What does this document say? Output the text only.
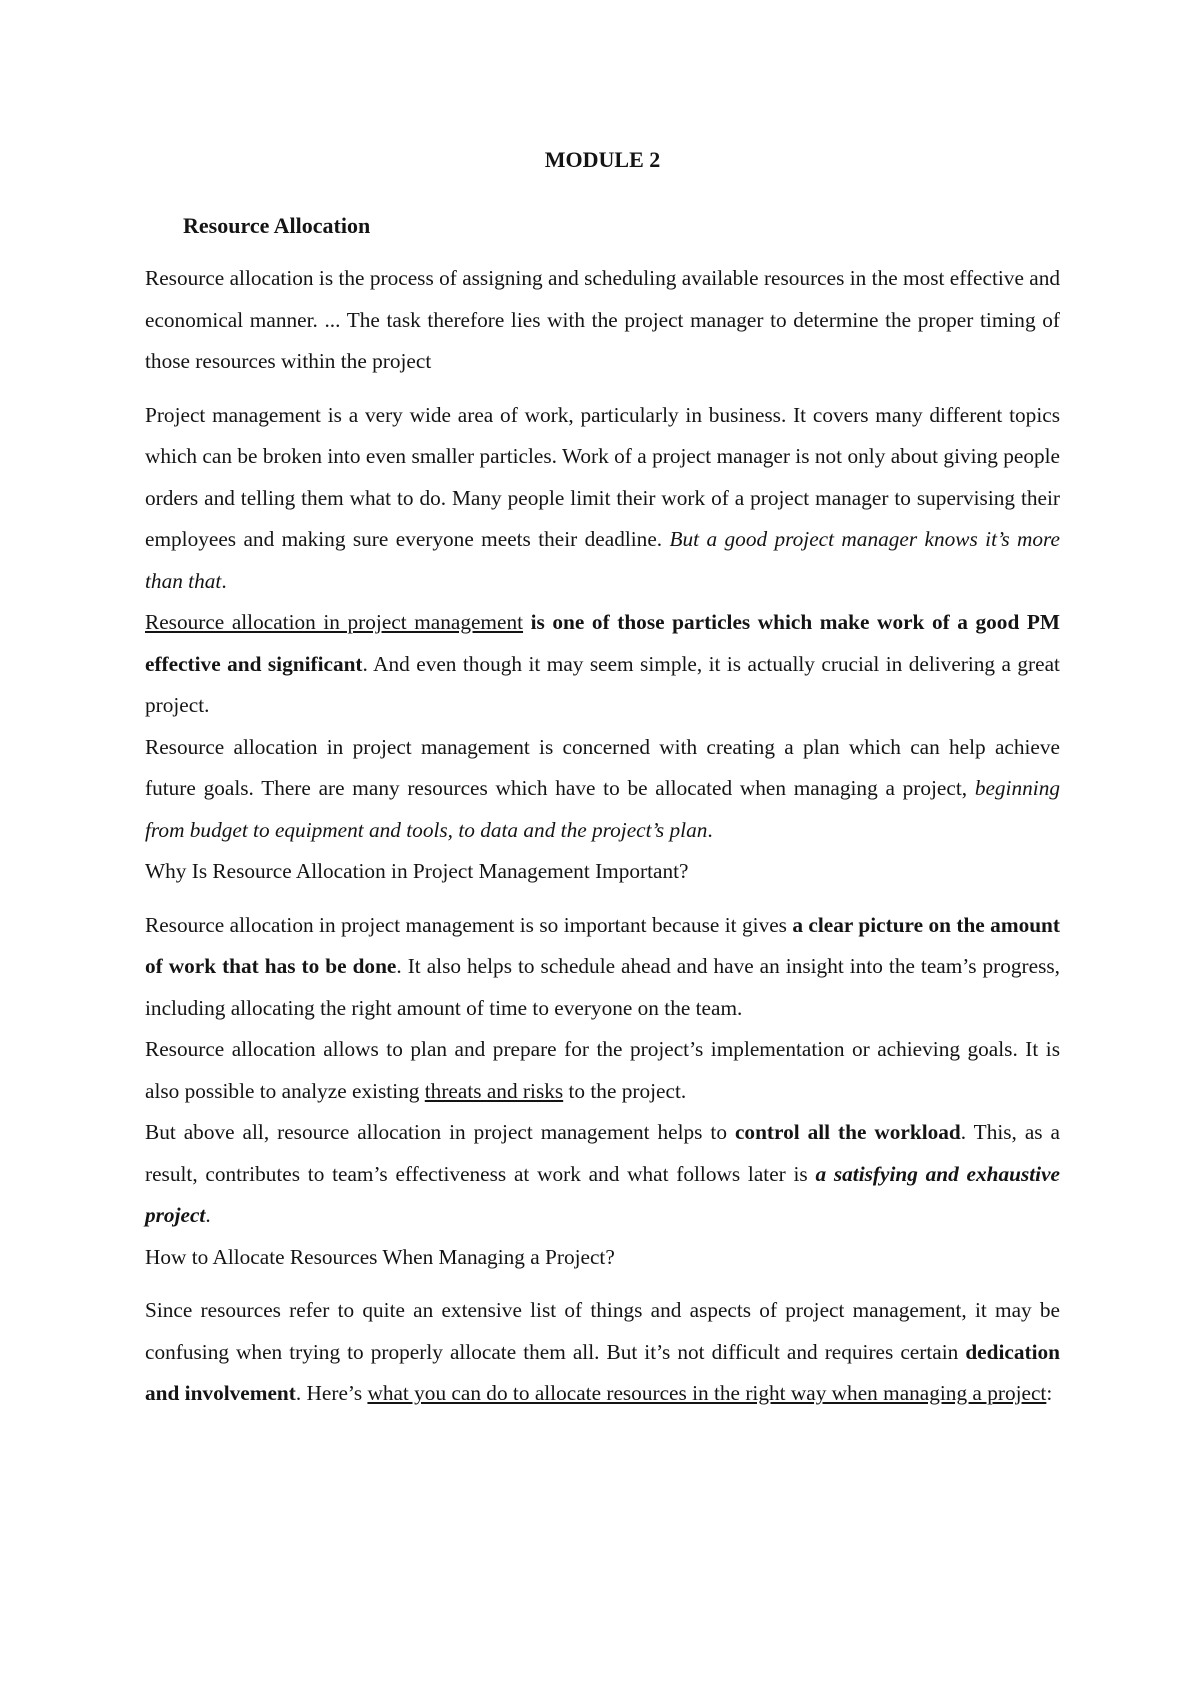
MODULE 2
Resource Allocation

Resource allocation is the process of assigning and scheduling available resources in the most effective and economical manner. ... The task therefore lies with the project manager to determine the proper timing of those resources within the project

Project management is a very wide area of work, particularly in business. It covers many different topics which can be broken into even smaller particles. Work of a project manager is not only about giving people orders and telling them what to do. Many people limit their work of a project manager to supervising their employees and making sure everyone meets their deadline. But a good project manager knows it’s more than that.

Resource allocation in project management is one of those particles which make work of a good PM effective and significant. And even though it may seem simple, it is actually crucial in delivering a great project.

Resource allocation in project management is concerned with creating a plan which can help achieve future goals. There are many resources which have to be allocated when managing a project, beginning from budget to equipment and tools, to data and the project’s plan.

Why Is Resource Allocation in Project Management Important?

Resource allocation in project management is so important because it gives a clear picture on the amount of work that has to be done. It also helps to schedule ahead and have an insight into the team’s progress, including allocating the right amount of time to everyone on the team.

Resource allocation allows to plan and prepare for the project’s implementation or achieving goals. It is also possible to analyze existing threats and risks to the project.

But above all, resource allocation in project management helps to control all the workload. This, as a result, contributes to team’s effectiveness at work and what follows later is a satisfying and exhaustive project.

How to Allocate Resources When Managing a Project?

Since resources refer to quite an extensive list of things and aspects of project management, it may be confusing when trying to properly allocate them all. But it’s not difficult and requires certain dedication and involvement. Here’s what you can do to allocate resources in the right way when managing a project:
